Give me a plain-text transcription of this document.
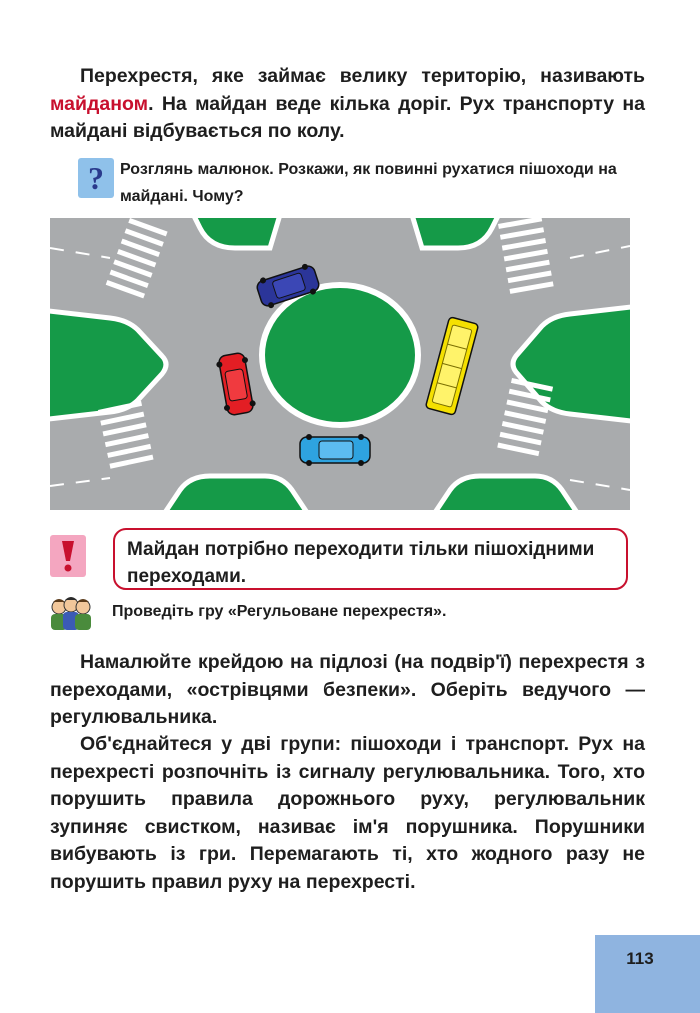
Перехрестя, яке займає велику територію, називають майданом. На майдан веде кілька доріг. Рух транспорту на майдані відбувається по колу.

? Розглянь малюнок. Розкажи, як повинні рухатися пішоходи на майдані. Чому?

Майдан потрібно переходити тільки пішохідними переходами.
Проведіть гру «Регульоване перехрестя».

Намалюйте крейдою на підлозі (на подвір'ї) перехрестя з переходами, «острівцями безпеки». Оберіть ведучого — регулювальника.

Об'єднайтеся у дві групи: пішоходи і транспорт. Рух на перехресті розпочніть із сигналу регулювальника. Того, хто порушить правила дорожнього руху, регулювальник зупиняє свистком, називає ім'я порушника. Порушники вибувають із гри. Перемагають ті, хто жодного разу не порушить правил руху на перехресті.

113
